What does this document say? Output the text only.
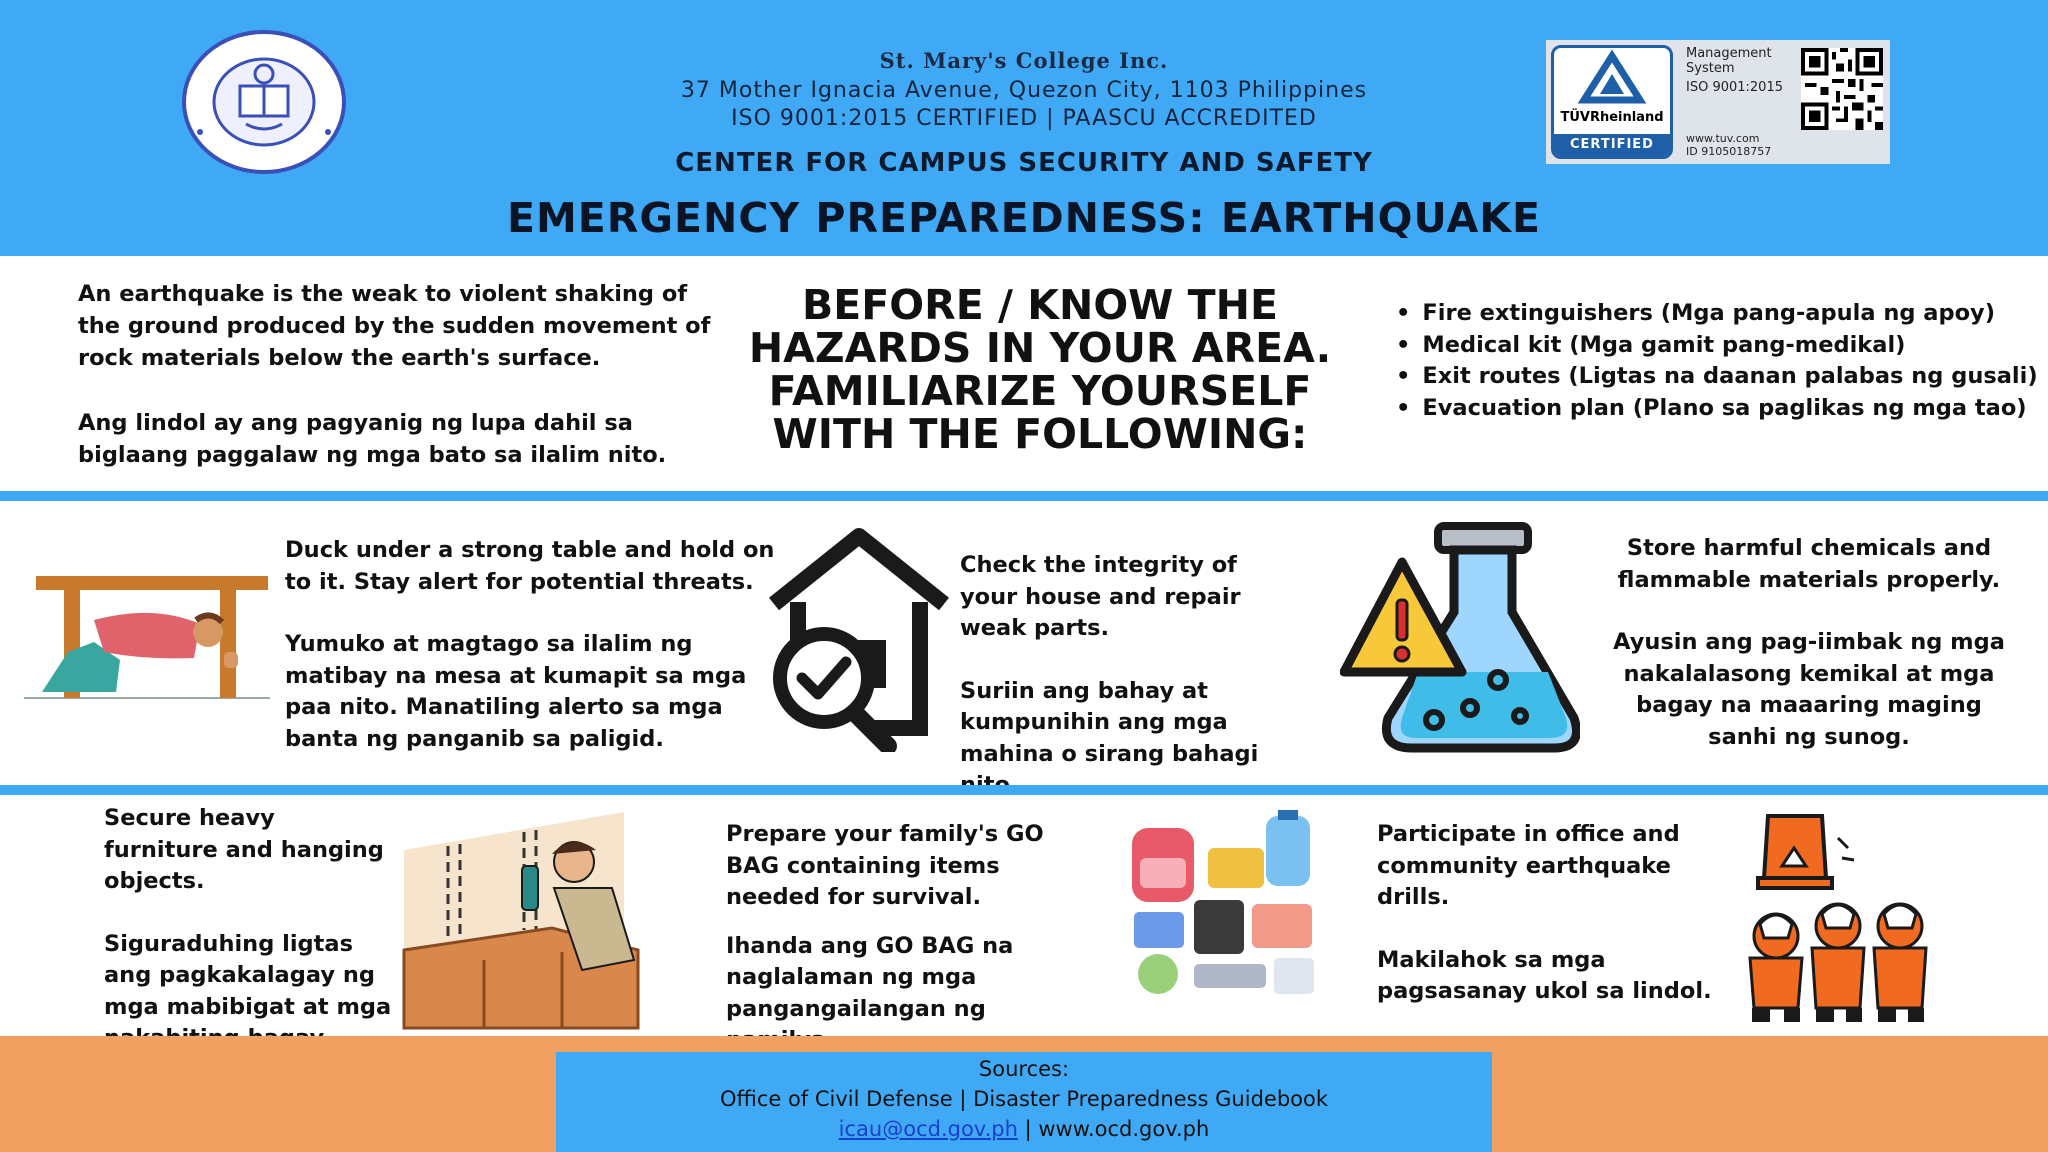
St. Mary's College Inc.
37 Mother Ignacia Avenue, Quezon City, 1103 Philippines
ISO 9001:2015 CERTIFIED | PAASCU ACCREDITED
CENTER FOR CAMPUS SECURITY AND SAFETY
EMERGENCY PREPAREDNESS: EARTHQUAKE
TÜVRheinland
CERTIFIED
Management System
ISO 9001:2015
www.tuv.com
ID 9105018757

An earthquake is the weak to violent shaking of the ground produced by the sudden movement of rock materials below the earth's surface.

Ang lindol ay ang pagyanig ng lupa dahil sa biglaang paggalaw ng mga bato sa ilalim nito.

BEFORE / KNOW THE HAZARDS IN YOUR AREA. FAMILIARIZE YOURSELF WITH THE FOLLOWING:
• Fire extinguishers (Mga pang-apula ng apoy)
• Medical kit (Mga gamit pang-medikal)
• Exit routes (Ligtas na daanan palabas ng gusali)
• Evacuation plan (Plano sa paglikas ng mga tao)

Duck under a strong table and hold on to it. Stay alert for potential threats.

Yumuko at magtago sa ilalim ng matibay na mesa at kumapit sa mga paa nito. Manatiling alerto sa mga banta ng panganib sa paligid.

Check the integrity of your house and repair weak parts.

Suriin ang bahay at kumpunihin ang mga mahina o sirang bahagi

Store harmful chemicals and flammable materials properly.

Ayusin ang pag-iimbak ng mga nakalalasong kemikal at mga bagay na maaaring maging sanhi ng sunog.

Secure heavy furniture and hanging objects.

Siguraduhing ligtas ang pagkakalagay ng mga mabibigat at mga

Prepare your family's GO BAG containing items needed for survival.

Ihanda ang GO BAG na naglalaman ng mga pangangailangan ng

Participate in office and community earthquake drills.

Makilahok sa mga pagsasanay ukol sa lindol.

Sources:
Office of Civil Defense | Disaster Preparedness Guidebook
icau@ocd.gov.ph | www.ocd.gov.ph
